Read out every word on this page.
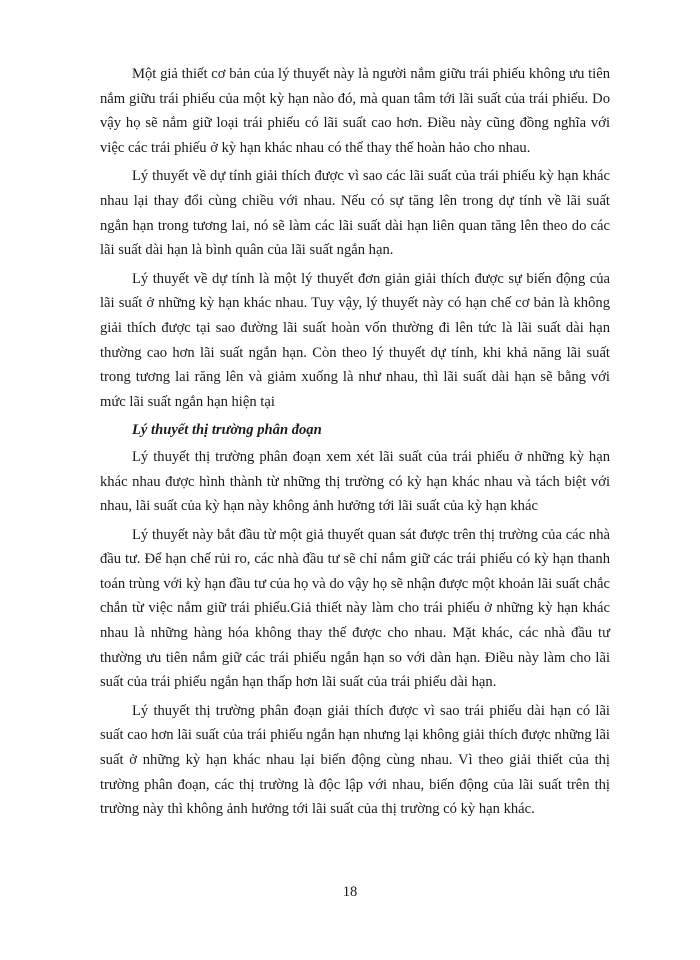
Một giả thiết cơ bản của lý thuyết này là người nắm giữu trái phiếu không ưu tiên nắm giữu trái phiếu của một kỳ hạn nào đó, mà quan tâm tới lãi suất của trái phiếu. Do vậy họ sẽ nắm giữ loại trái phiếu có lãi suất cao hơn. Điều này cũng đồng nghĩa với việc các trái phiếu ở kỳ hạn khác nhau có thể thay thế hoàn hảo cho nhau.

Lý thuyết về dự tính giải thích được vì sao các lãi suất của trái phiếu kỳ hạn khác nhau lại thay đổi cùng chiều với nhau. Nếu có sự tăng lên trong dự tính về lãi suất ngắn hạn trong tương lai, nó sẽ làm các lãi suất dài hạn liên quan tăng lên theo do các lãi suất dài hạn là bình quân của lãi suất ngắn hạn.

Lý thuyết về dự tính là một lý thuyết đơn giản giải thích được sự biến động của lãi suất ở những kỳ hạn khác nhau. Tuy vậy, lý thuyết này có hạn chế cơ bản là không giải thích được tại sao đường lãi suất hoàn vốn thường đi lên tức là lãi suất dài hạn thường cao hơn lãi suất ngắn hạn. Còn theo lý thuyết dự tính, khi khả năng lãi suất trong tương lai răng lên và giảm xuống là như nhau, thì lãi suất dài hạn sẽ bằng với mức lãi suất ngắn hạn hiện tại

Lý thuyết thị trường phân đoạn

Lý thuyết thị trường phân đoạn xem xét lãi suất của trái phiếu ở những kỳ hạn khác nhau được hình thành từ những thị trường có kỳ hạn khác nhau và tách biệt với nhau, lãi suất của kỳ hạn này không ảnh hưởng tới lãi suất của kỳ hạn khác

Lý thuyết này bắt đầu từ một giả thuyết quan sát được trên thị trường của các nhà đầu tư. Để hạn chế rủi ro, các nhà đầu tư sẽ chỉ nắm giữ các trái phiếu có kỳ hạn thanh toán trùng với kỳ hạn đầu tư của họ và do vậy họ sẽ nhận được một khoản lãi suất chắc chắn từ việc nắm giữ trái phiếu.Giả thiết này làm cho trái phiếu ở những kỳ hạn khác nhau là những hàng hóa không thay thế được cho nhau. Mặt khác, các nhà đầu tư thường ưu tiên nắm giữ các trái phiếu ngắn hạn so với dàn hạn. Điều này làm cho lãi suất của trái phiếu ngắn hạn thấp hơn lãi suất của trái phiếu dài hạn.

Lý thuyết thị trường phân đoạn giải thích được vì sao trái phiếu dài hạn có lãi suất cao hơn lãi suất của trái phiếu ngắn hạn nhưng lại không giải thích được những lãi suất ở những kỳ hạn khác nhau lại biến động cùng nhau. Vì theo giải thiết của thị trường phân đoạn, các thị trường là độc lập với nhau, biến động của lãi suất trên thị trường này thì không ảnh hưởng tới lãi suất của thị trường có kỳ hạn khác.

18
